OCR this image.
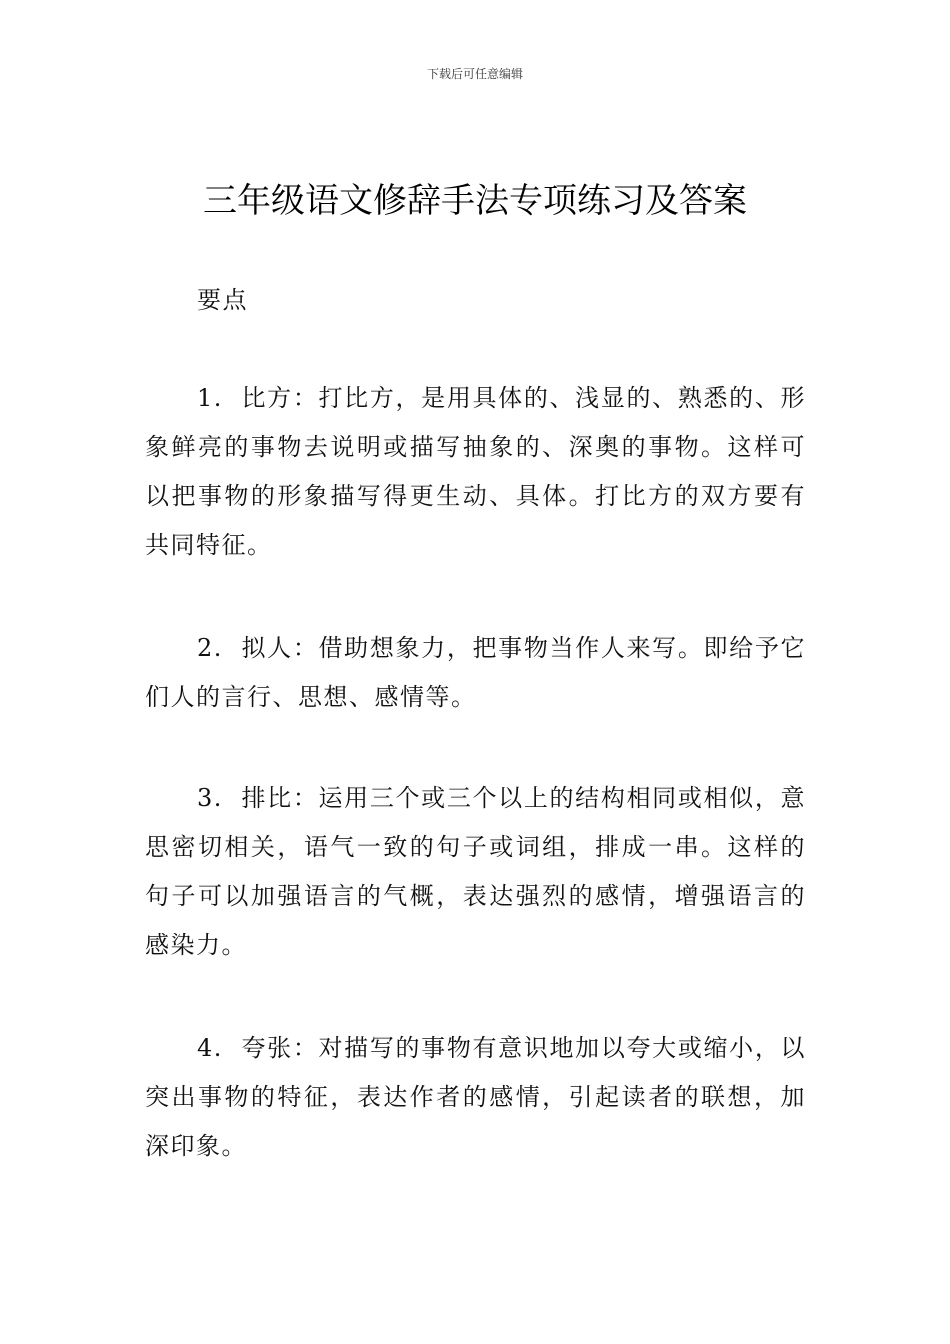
下载后可任意编辑
三年级语文修辞手法专项练习及答案
要点

1. 比方：打比方，是用具体的、浅显的、熟悉的、形象鲜亮的事物去说明或描写抽象的、深奥的事物。这样可以把事物的形象描写得更生动、具体。打比方的双方要有共同特征。

2. 拟人：借助想象力，把事物当作人来写。即给予它们人的言行、思想、感情等。

3. 排比：运用三个或三个以上的结构相同或相似，意思密切相关，语气一致的句子或词组，排成一串。这样的句子可以加强语言的气概，表达强烈的感情，增强语言的感染力。

4. 夸张：对描写的事物有意识地加以夸大或缩小，以突出事物的特征，表达作者的感情，引起读者的联想，加深印象。
